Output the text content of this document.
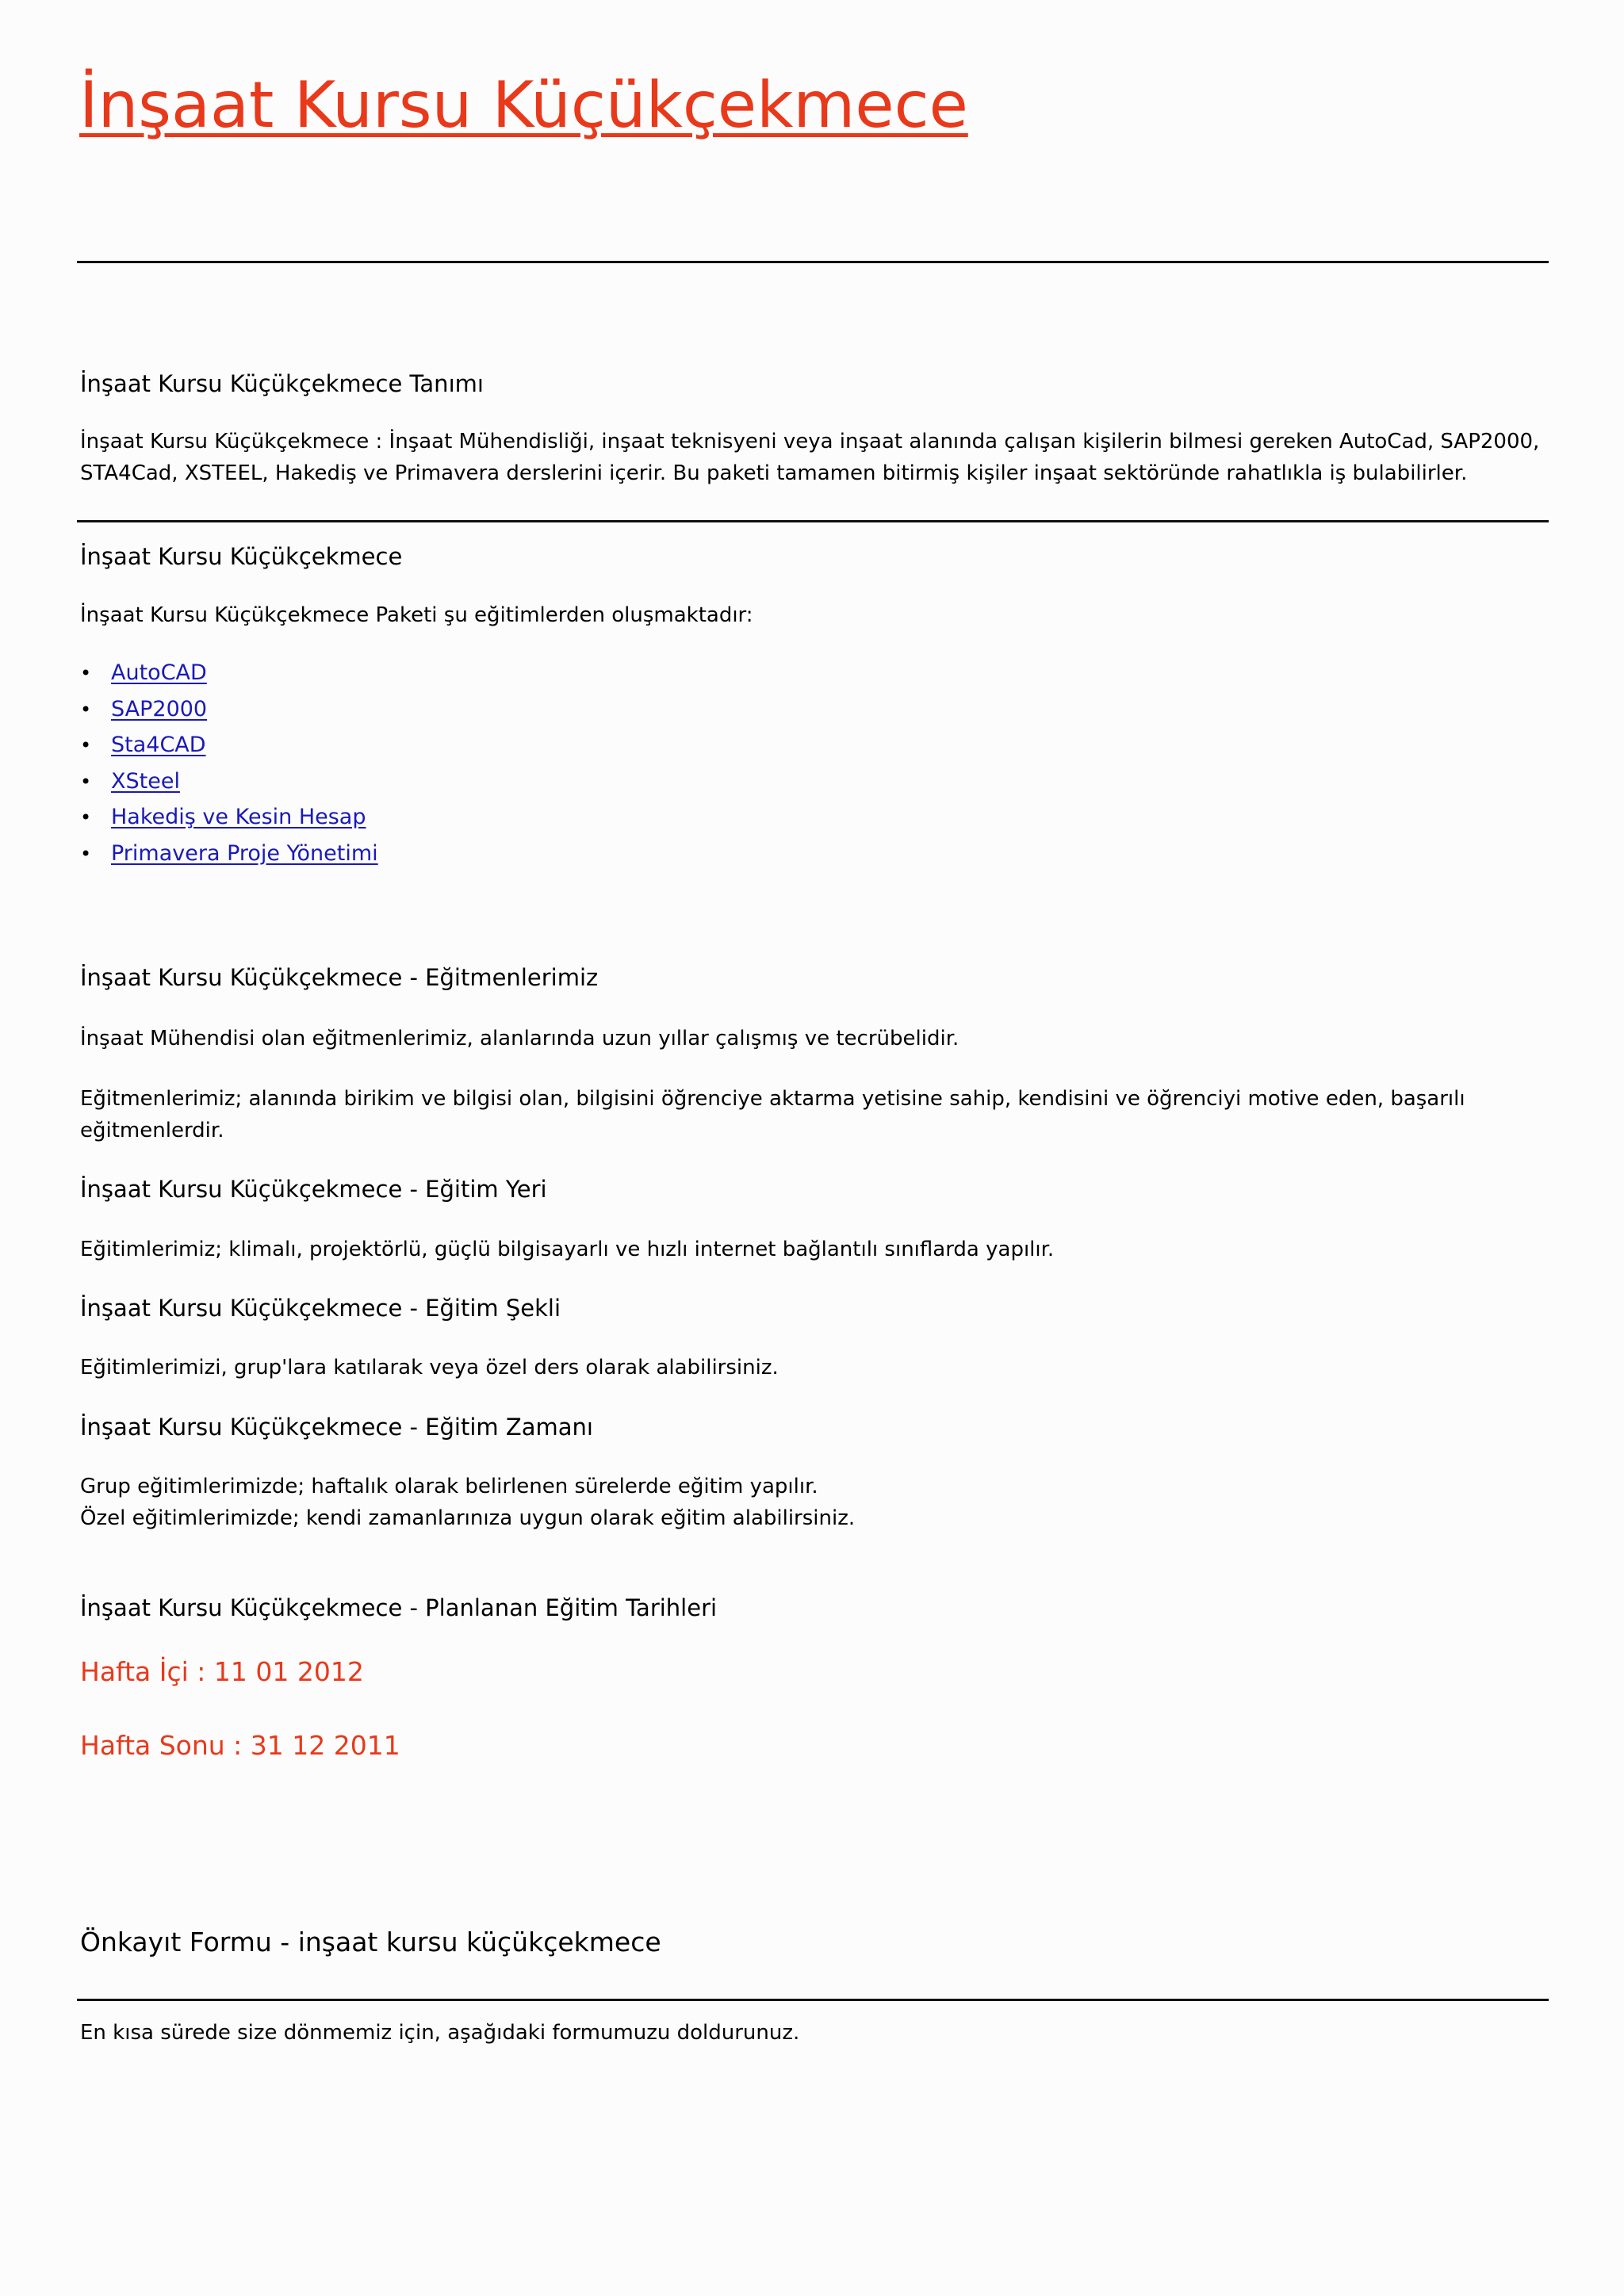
İnşaat Kursu Küçükçekmece
İnşaat Kursu Küçükçekmece Tanımı

İnşaat Kursu Küçükçekmece : İnşaat Mühendisliği, inşaat teknisyeni veya inşaat alanında çalışan kişilerin bilmesi gereken AutoCad, SAP2000,

STA4Cad, XSTEEL, Hakediş ve Primavera derslerini içerir. Bu paketi tamamen bitirmiş kişiler inşaat sektöründe rahatlıkla iş bulabilirler.

İnşaat Kursu Küçükçekmece

İnşaat Kursu Küçükçekmece Paketi şu eğitimlerden oluşmaktadır:

• AutoCAD
• SAP2000
• Sta4CAD
• XSteel
• Hakediş ve Kesin Hesap
• Primavera Proje Yönetimi
İnşaat Kursu Küçükçekmece - Eğitmenlerimiz

İnşaat Mühendisi olan eğitmenlerimiz, alanlarında uzun yıllar çalışmış ve tecrübelidir.

Eğitmenlerimiz; alanında birikim ve bilgisi olan, bilgisini öğrenciye aktarma yetisine sahip, kendisini ve öğrenciyi motive eden, başarılı

eğitmenlerdir.

İnşaat Kursu Küçükçekmece - Eğitim Yeri

Eğitimlerimiz; klimalı, projektörlü, güçlü bilgisayarlı ve hızlı internet bağlantılı sınıflarda yapılır.

İnşaat Kursu Küçükçekmece - Eğitim Şekli

Eğitimlerimizi, grup'lara katılarak veya özel ders olarak alabilirsiniz.

İnşaat Kursu Küçükçekmece - Eğitim Zamanı

Grup eğitimlerimizde; haftalık olarak belirlenen sürelerde eğitim yapılır.

Özel eğitimlerimizde; kendi zamanlarınıza uygun olarak eğitim alabilirsiniz.

İnşaat Kursu Küçükçekmece - Planlanan Eğitim Tarihleri

Hafta İçi : 11 01 2012

Hafta Sonu : 31 12 2011

Önkayıt Formu - inşaat kursu küçükçekmece

En kısa sürede size dönmemiz için, aşağıdaki formumuzu doldurunuz.
